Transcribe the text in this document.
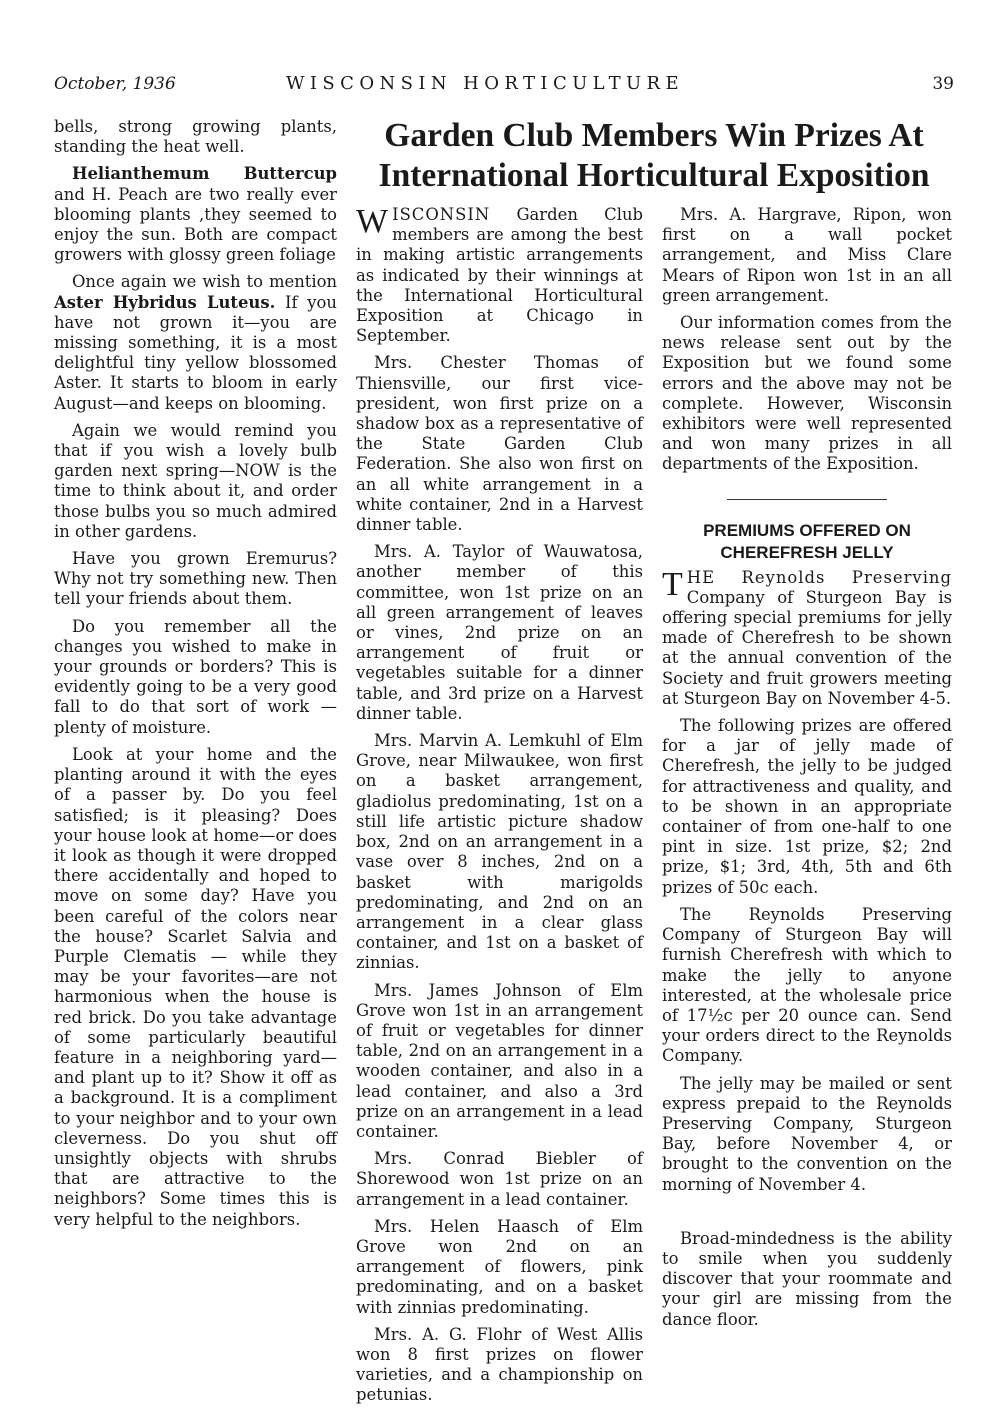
October, 1936	WISCONSIN HORTICULTURE	39

bells, strong growing plants, standing the heat well.

Helianthemum Buttercup and H. Peach are two really ever blooming plants ,they seemed to enjoy the sun. Both are compact growers with glossy green foliage

Once again we wish to mention Aster Hybridus Luteus. If you have not grown it—you are missing something, it is a most delightful tiny yellow blossomed Aster. It starts to bloom in early August—and keeps on blooming.

Again we would remind you that if you wish a lovely bulb garden next spring—NOW is the time to think about it, and order those bulbs you so much admired in other gardens.

Have you grown Eremurus? Why not try something new. Then tell your friends about them.

Do you remember all the changes you wished to make in your grounds or borders? This is evidently going to be a very good fall to do that sort of work —plenty of moisture.

Look at your home and the planting around it with the eyes of a passer by. Do you feel satisfied; is it pleasing? Does your house look at home—or does it look as though it were dropped there accidentally and hoped to move on some day? Have you been careful of the colors near the house? Scarlet Salvia and Purple Clematis — while they may be your favorites—are not harmonious when the house is red brick. Do you take advantage of some particularly beautiful feature in a neighboring yard—and plant up to it? Show it off as a background. It is a compliment to your neighbor and to your own cleverness. Do you shut off unsightly objects with shrubs that are attractive to the neighbors? Some times this is very helpful to the neighbors.

Garden Club Members Win Prizes At International Horticultural Exposition

WISCONSIN Garden Club members are among the best in making artistic arrangements as indicated by their winnings at the International Horticultural Exposition at Chicago in September.

Mrs. Chester Thomas of Thiensville, our first vice-president, won first prize on a shadow box as a representative of the State Garden Club Federation. She also won first on an all white arrangement in a white container, 2nd in a Harvest dinner table.

Mrs. A. Taylor of Wauwatosa, another member of this committee, won 1st prize on an all green arrangement of leaves or vines, 2nd prize on an arrangement of fruit or vegetables suitable for a dinner table, and 3rd prize on a Harvest dinner table.

Mrs. Marvin A. Lemkuhl of Elm Grove, near Milwaukee, won first on a basket arrangement, gladiolus predominating, 1st on a still life artistic picture shadow box, 2nd on an arrangement in a vase over 8 inches, 2nd on a basket with marigolds predominating, and 2nd on an arrangement in a clear glass container, and 1st on a basket of zinnias.

Mrs. James Johnson of Elm Grove won 1st in an arrangement of fruit or vegetables for dinner table, 2nd on an arrangement in a wooden container, and also in a lead container, and also a 3rd prize on an arrangement in a lead container.

Mrs. Conrad Biebler of Shorewood won 1st prize on an arrangement in a lead container.

Mrs. Helen Haasch of Elm Grove won 2nd on an arrangement of flowers, pink predominating, and on a basket with zinnias predominating.

Mrs. A. G. Flohr of West Allis won 8 first prizes on flower varieties, and a championship on petunias.

Mrs. A. Hargrave, Ripon, won first on a wall pocket arrangement, and Miss Clare Mears of Ripon won 1st in an all green arrangement.

Our information comes from the news release sent out by the Exposition but we found some errors and the above may not be complete. However, Wisconsin exhibitors were well represented and won many prizes in all departments of the Exposition.

PREMIUMS OFFERED ON CHEREFRESH JELLY

THE Reynolds Preserving Company of Sturgeon Bay is offering special premiums for jelly made of Cherefresh to be shown at the annual convention of the Society and fruit growers meeting at Sturgeon Bay on November 4-5.

The following prizes are offered for a jar of jelly made of Cherefresh, the jelly to be judged for attractiveness and quality, and to be shown in an appropriate container of from one-half to one pint in size. 1st prize, $2; 2nd prize, $1; 3rd, 4th, 5th and 6th prizes of 50c each.

The Reynolds Preserving Company of Sturgeon Bay will furnish Cherefresh with which to make the jelly to anyone interested, at the wholesale price of 17½c per 20 ounce can. Send your orders direct to the Reynolds Company.

The jelly may be mailed or sent express prepaid to the Reynolds Preserving Company, Sturgeon Bay, before November 4, or brought to the convention on the morning of November 4.

Broad-mindedness is the ability to smile when you suddenly discover that your roommate and your girl are missing from the dance floor.
